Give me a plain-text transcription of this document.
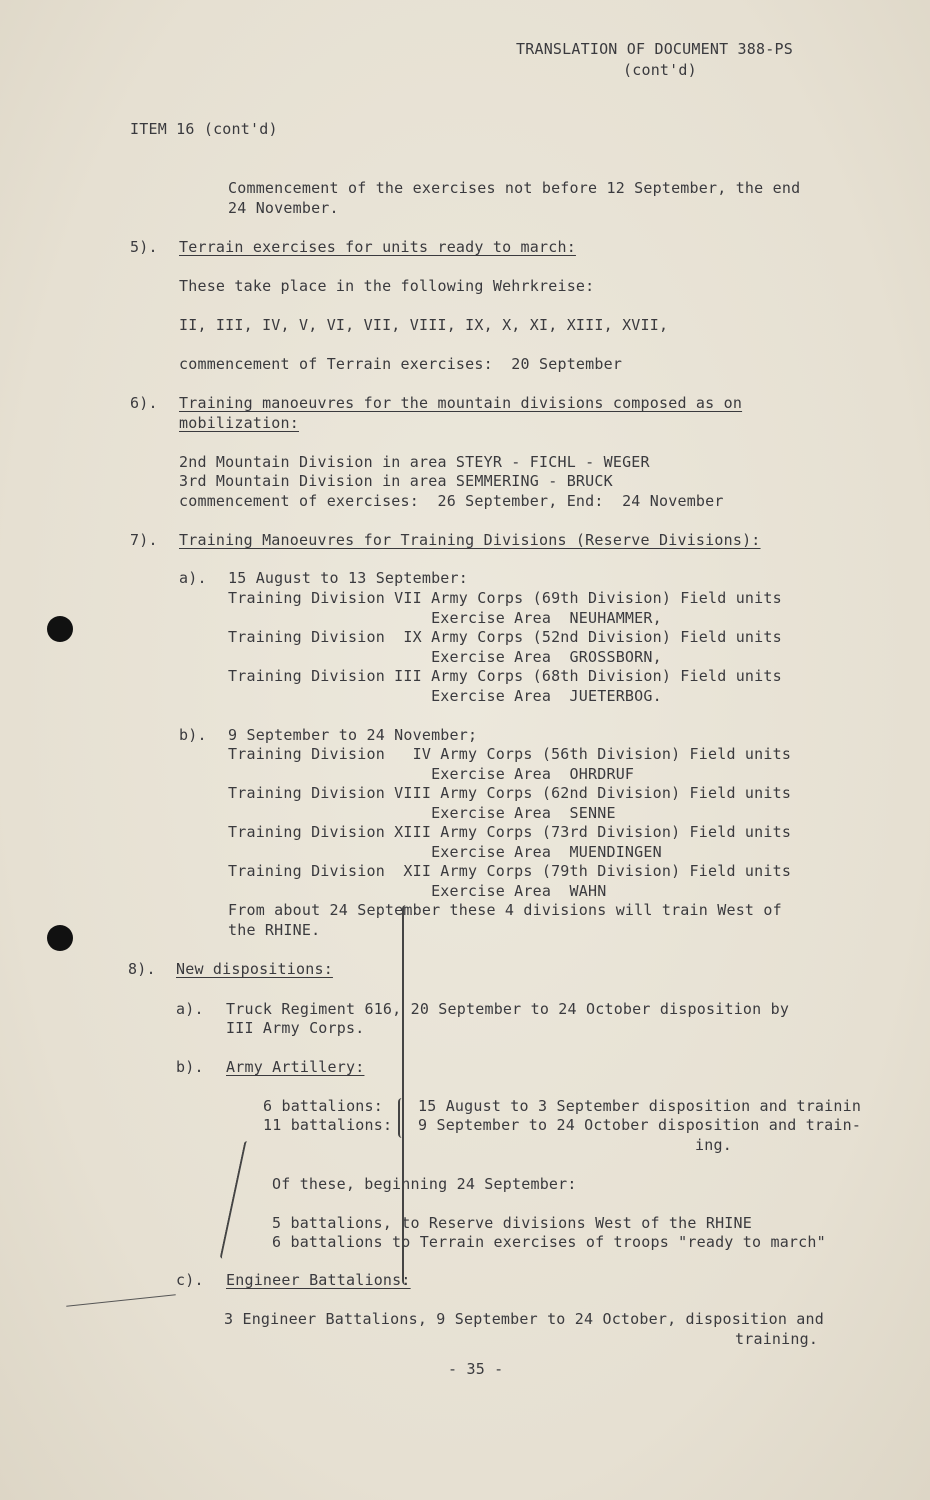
TRANSLATION OF DOCUMENT 388-PS
(cont'd)
ITEM 16 (cont'd)
Commencement of the exercises not before 12 September, the end
24 November.
5). Terrain exercises for units ready to march:
These take place in the following Wehrkreise:
II, III, IV, V, VI, VII, VIII, IX, X, XI, XIII, XVII,
commencement of Terrain exercises:  20 September
6). Training manoeuvres for the mountain divisions composed as on
mobilization:
2nd Mountain Division in area STEYR - FICHL - WEGER
3rd Mountain Division in area SEMMERING - BRUCK
commencement of exercises:  26 September, End:  24 November
7). Training Manoeuvres for Training Divisions (Reserve Divisions):
a). 15 August to 13 September:
Training Division VII Army Corps (69th Division) Field units
Exercise Area  NEUHAMMER,
Training Division  IX Army Corps (52nd Division) Field units
Exercise Area  GROSSBORN,
Training Division III Army Corps (68th Division) Field units
Exercise Area  JUETERBOG.
b). 9 September to 24 November;
Training Division   IV Army Corps (56th Division) Field units
Exercise Area  OHRDRUF
Training Division VIII Army Corps (62nd Division) Field units
Exercise Area  SENNE
Training Division XIII Army Corps (73rd Division) Field units
Exercise Area  MUENDINGEN
Training Division  XII Army Corps (79th Division) Field units
Exercise Area  WAHN
From about 24 September these 4 divisions will train West of
the RHINE.
8). New dispositions:
a). Truck Regiment 616, 20 September to 24 October disposition by
III Army Corps.
b). Army Artillery:
6 battalions: 15 August to 3 September disposition and trainin
11 battalions: 9 September to 24 October disposition and train-
ing.
Of these, beginning 24 September:
5 battalions, to Reserve divisions West of the RHINE
6 battalions to Terrain exercises of troops "ready to march"
c). Engineer Battalions:
3 Engineer Battalions, 9 September to 24 October, disposition and
training.
- 35 -
